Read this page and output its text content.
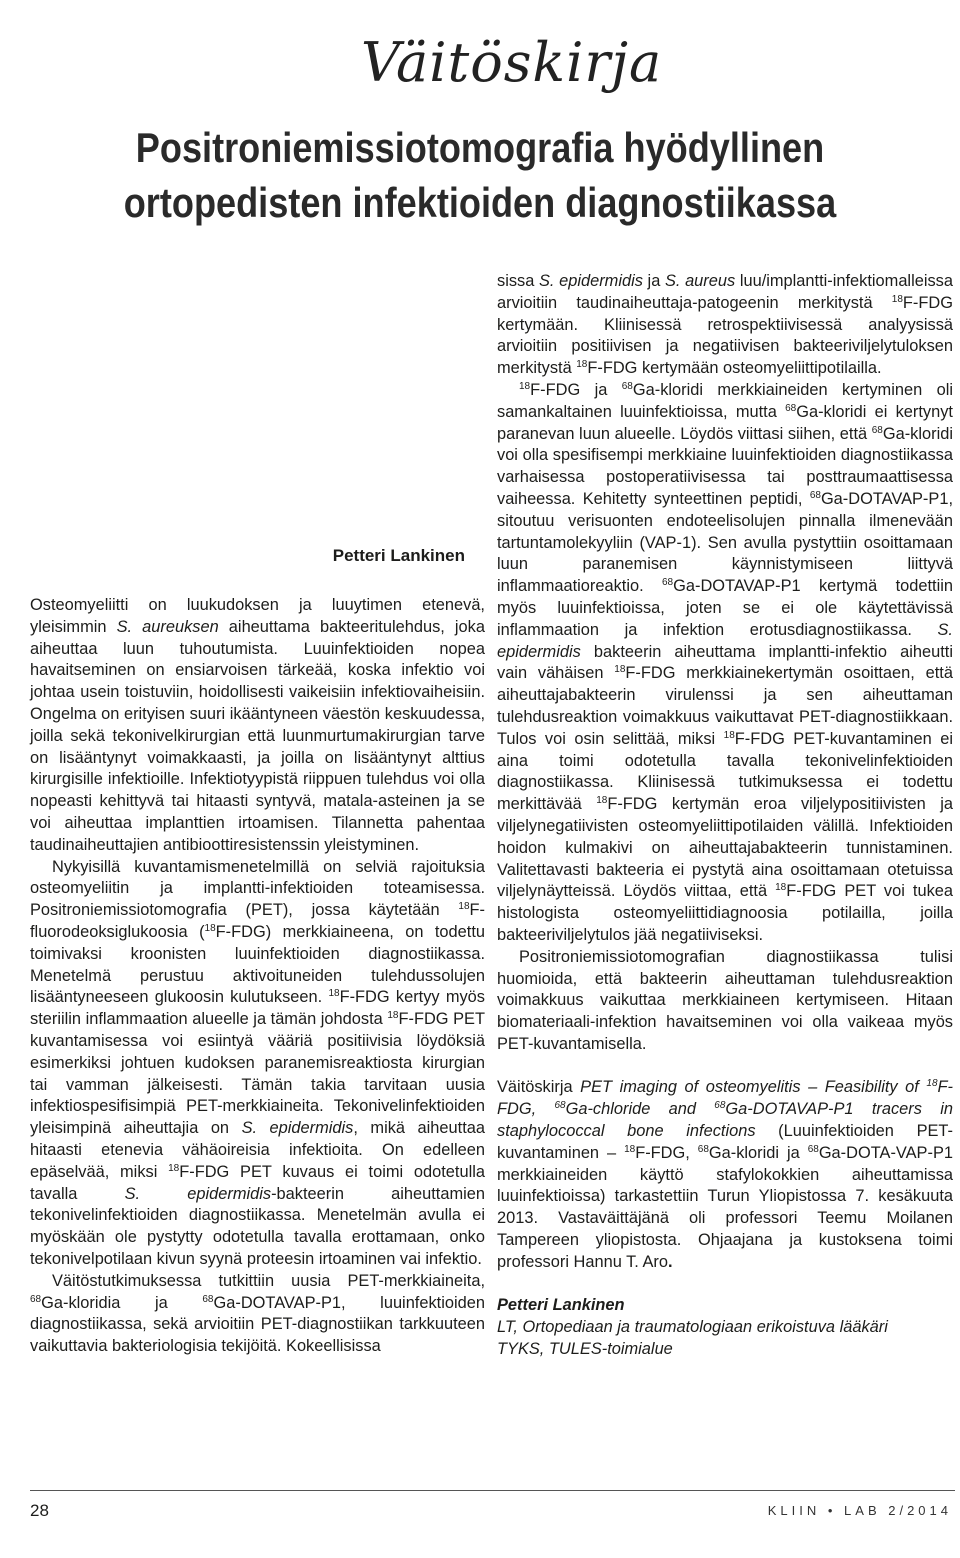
Väitöskirja
Positroniemissiotomografia hyödyllinen
ortopedisten infektioiden diagnostiikassa
Petteri Lankinen

Osteomyeliitti on luukudoksen ja luuytimen etenevä, yleisimmin S. aureuksen aiheuttama bakteeritulehdus, joka aiheuttaa luun tuhoutumista. Luuinfektioiden nopea havaitseminen on ensiarvoisen tärkeää, koska infektio voi johtaa usein toistuviin, hoidollisesti vaikeisiin infektiovaiheisiin. Ongelma on erityisen suuri ikääntyneen väestön keskuudessa, joilla sekä tekonivelkirurgian että luunmurtumakirurgian tarve on lisääntynyt voimakkaasti, ja joilla on lisääntynyt alttius kirurgisille infektioille. Infektiotyypistä riippuen tulehdus voi olla nopeasti kehittyvä tai hitaasti syntyvä, matala-asteinen ja se voi aiheuttaa implanttien irtoamisen. Tilannetta pahentaa taudinaiheuttajien antibioottiresistenssin yleistyminen.

Nykyisillä kuvantamismenetelmillä on selviä rajoituksia osteomyeliitin ja implantti-infektioiden toteamisessa. Positroniemissiotomografia (PET), jossa käytetään $^{18}$F-fluorodeoksiglukoosia ($^{18}$F-FDG) merkkiaineena, on todettu toimivaksi kroonisten luuinfektioiden diagnostiikassa. Menetelmä perustuu aktivoituneiden tulehdussolujen lisääntyneeseen glukoosin kulutukseen. $^{18}$F-FDG kertyy myös steriilin inflammaation alueelle ja tämän johdosta $^{18}$F-FDG PET kuvantamisessa voi esiintyä vääriä positiivisia löydöksiä esimerkiksi johtuen kudoksen paranemisreaktiosta kirurgian tai vamman jälkeisesti. Tämän takia tarvitaan uusia infektiospesifisimpiä PET-merkkiaineita. Tekonivelinfektioiden yleisimpinä aiheuttajia on S. epidermidis, mikä aiheuttaa hitaasti etenevia vähäoireisia infektioita. On edelleen epäselvää, miksi $^{18}$F-FDG PET kuvaus ei toimi odotetulla tavalla S. epidermidis-bakteerin aiheuttamien tekonivelinfektioiden diagnostiikassa. Menetelmän avulla ei myöskään ole pystytty odotetulla tavalla erottamaan, onko tekonivelpotilaan kivun syynä proteesin irtoaminen vai infektio.

Väitöstutkimuksessa tutkittiin uusia PET-merkkiaineita, $^{68}$Ga-kloridia ja $^{68}$Ga-DOTAVAP-P1, luuinfektioiden diagnostiikassa, sekä arvioitiin PET-diagnostiikan tarkkuuteen vaikuttavia bakteriologisia tekijöitä. Kokeellisissa

sissa S. epidermidis ja S. aureus luu/implantti-infektiomalleissa arvioitiin taudinaiheuttaja-patogeenin merkitystä $^{18}$F-FDG kertymään. Kliinisessä retrospektiivisessä analyysissä arvioitiin positiivisen ja negatiivisen bakteeriviljelytuloksen merkitystä $^{18}$F-FDG kertymään osteomyeliittipotilailla.

$^{18}$F-FDG ja $^{68}$Ga-kloridi merkkiaineiden kertyminen oli samankaltainen luuinfektioissa, mutta $^{68}$Ga-kloridi ei kertynyt paranevan luun alueelle. Löydös viittasi siihen, että $^{68}$Ga-kloridi voi olla spesifisempi merkkiaine luuinfektioiden diagnostiikassa varhaisessa postoperatiivisessa tai posttraumaattisessa vaiheessa. Kehitetty synteettinen peptidi, $^{68}$Ga-DOTAVAP-P1, sitoutuu verisuonten endoteelisolujen pinnalla ilmenevään tartuntamolekyyliin (VAP-1). Sen avulla pystyttiin osoittamaan luun paranemisen käynnistymiseen liittyvä inflammaatioreaktio. $^{68}$Ga-DOTAVAP-P1 kertymä todettiin myös luuinfektioissa, joten se ei ole käytettävissä inflammaation ja infektion erotusdiagnostiikassa. S. epidermidis bakteerin aiheuttama implantti-infektio aiheutti vain vähäisen $^{18}$F-FDG merkkiainekertymän osoittaen, että aiheuttajabakteerin virulenssi ja sen aiheuttaman tulehdusreaktion voimakkuus vaikuttavat PET-diagnostiikkaan. Tulos voi osin selittää, miksi $^{18}$F-FDG PET-kuvantaminen ei aina toimi odotetulla tavalla tekonivelinfektioiden diagnostiikassa. Kliinisessä tutkimuksessa ei todettu merkittävää $^{18}$F-FDG kertymän eroa viljelypositiivisten ja viljelynegatiivisten osteomyeliittipotilaiden välillä. Infektioiden hoidon kulmakivi on aiheuttajabakteerin tunnistaminen. Valitettavasti bakteeria ei pystytä aina osoittamaan otetuissa viljelynäytteissä. Löydös viittaa, että $^{18}$F-FDG PET voi tukea histologista osteomyeliittidiagnoosia potilailla, joilla bakteeriviljelytulos jää negatiiviseksi.

Positroniemissiotomografian diagnostiikassa tulisi huomioida, että bakteerin aiheuttaman tulehdusreaktion voimakkuus vaikuttaa merkkiaineen kertymiseen. Hitaan biomateriaali-infektion havaitseminen voi olla vaikeaa myös PET-kuvantamisella.

Väitöskirja PET imaging of osteomyelitis – Feasibility of $^{18}$F-FDG, $^{68}$Ga-chloride and $^{68}$Ga-DOTAVAP-P1 tracers in staphylococcal bone infections (Luuinfektioiden PET-kuvantaminen – $^{18}$F-FDG, $^{68}$Ga-kloridi ja $^{68}$Ga-DOTA-VAP-P1 merkkiaineiden käyttö stafylokokkien aiheuttamissa luuinfektioissa) tarkastettiin Turun Yliopistossa 7. kesäkuuta 2013. Vastaväittäjänä oli professori Teemu Moilanen Tampereen yliopistosta. Ohjaajana ja kustoksena toimi professori Hannu T. Aro.

Petteri Lankinen
LT, Ortopediaan ja traumatologiaan erikoistuva lääkäri
TYKS, TULES-toimialue

28	KLIIN • LAB 2/2014
